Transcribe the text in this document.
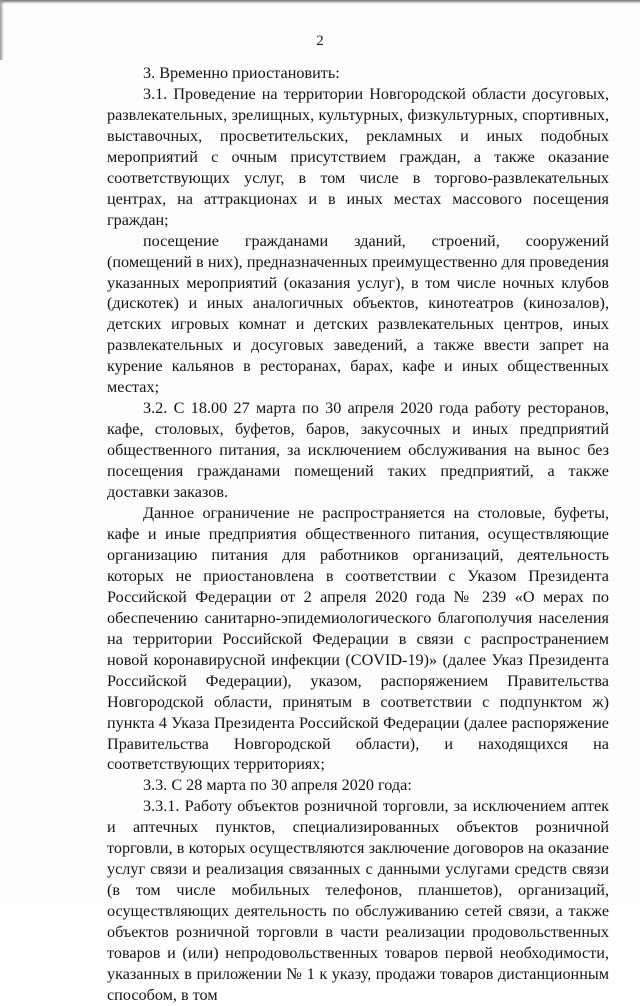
2

3. Временно приостановить:

3.1. Проведение на территории Новгородской области досуговых, развлекательных, зрелищных, культурных, физкультурных, спортивных, выставочных, просветительских, рекламных и иных подобных мероприятий с очным присутствием граждан, а также оказание соответствующих услуг, в том числе в торгово-развлекательных центрах, на аттракционах и в иных местах массового посещения граждан;

посещение гражданами зданий, строений, сооружений (помещений в них), предназначенных преимущественно для проведения указанных мероприятий (оказания услуг), в том числе ночных клубов (дискотек) и иных аналогичных объектов, кинотеатров (кинозалов), детских игровых комнат и детских развлекательных центров, иных развлекательных и досуговых заведений, а также ввести запрет на курение кальянов в ресторанах, барах, кафе и иных общественных местах;

3.2. С 18.00 27 марта по 30 апреля 2020 года работу ресторанов, кафе, столовых, буфетов, баров, закусочных и иных предприятий общественного питания, за исключением обслуживания на вынос без посещения гражданами помещений таких предприятий, а также доставки заказов.

Данное ограничение не распространяется на столовые, буфеты, кафе и иные предприятия общественного питания, осуществляющие организацию питания для работников организаций, деятельность которых не приостановлена в соответствии с Указом Президента Российской Федерации от 2 апреля 2020 года № 239 «О мерах по обеспечению санитарно-эпидемиологического благополучия населения на территории Российской Федерации в связи с распространением новой коронавирусной инфекции (COVID-19)» (далее Указ Президента Российской Федерации), указом, распоряжением Правительства Новгородской области, принятым в соответствии с подпунктом ж) пункта 4 Указа Президента Российской Федерации (далее распоряжение Правительства Новгородской области), и находящихся на соответствующих территориях;

3.3. С 28 марта по 30 апреля 2020 года:

3.3.1. Работу объектов розничной торговли, за исключением аптек и аптечных пунктов, специализированных объектов розничной торговли, в которых осуществляются заключение договоров на оказание услуг связи и реализация связанных с данными услугами средств связи (в том числе мобильных телефонов, планшетов), организаций, осуществляющих деятельность по обслуживанию сетей связи, а также объектов розничной торговли в части реализации продовольственных товаров и (или) непродовольственных товаров первой необходимости, указанных в приложении № 1 к указу, продажи товаров дистанционным способом, в том
